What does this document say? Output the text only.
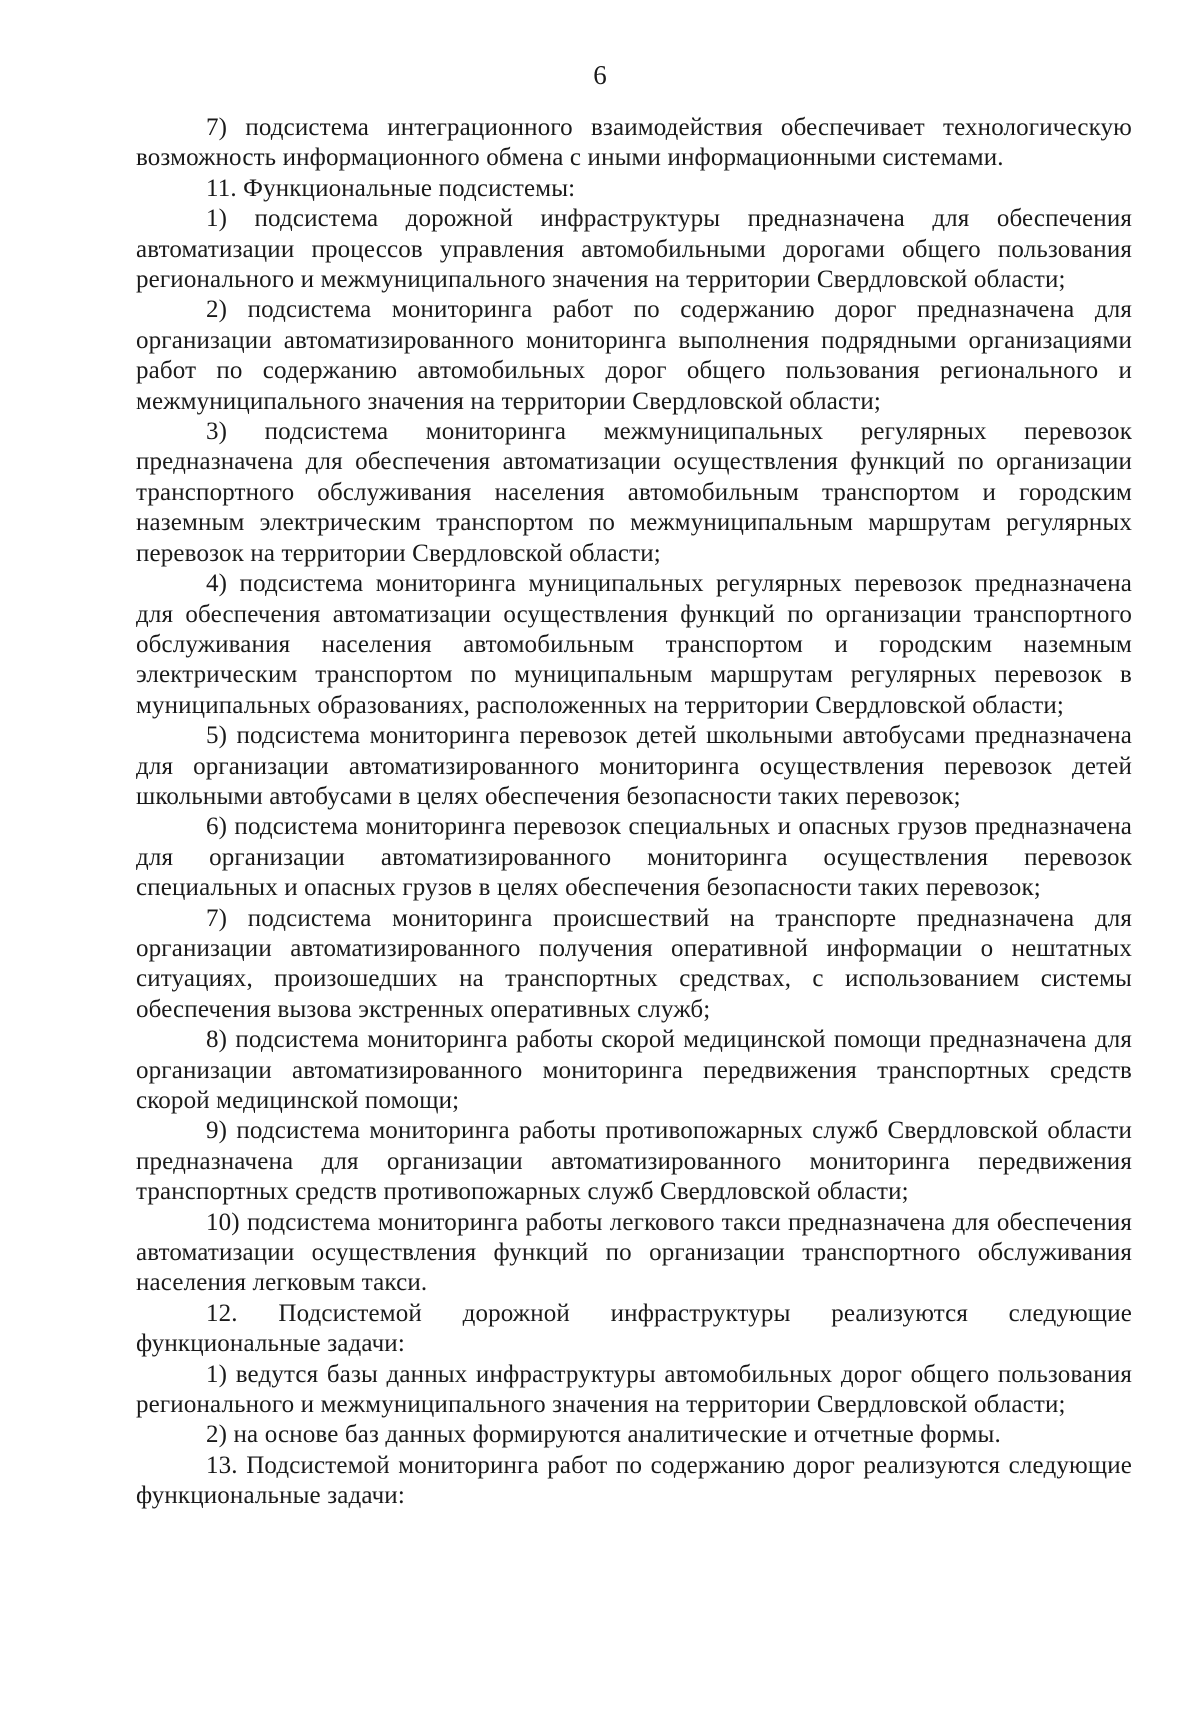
6

7) подсистема интеграционного взаимодействия обеспечивает технологическую возможность информационного обмена с иными информационными системами.

11. Функциональные подсистемы:

1) подсистема дорожной инфраструктуры предназначена для обеспечения автоматизации процессов управления автомобильными дорогами общего пользования регионального и межмуниципального значения на территории Свердловской области;

2) подсистема мониторинга работ по содержанию дорог предназначена для организации автоматизированного мониторинга выполнения подрядными организациями работ по содержанию автомобильных дорог общего пользования регионального и межмуниципального значения на территории Свердловской области;

3) подсистема мониторинга межмуниципальных регулярных перевозок предназначена для обеспечения автоматизации осуществления функций по организации транспортного обслуживания населения автомобильным транспортом и городским наземным электрическим транспортом по межмуниципальным маршрутам регулярных перевозок на территории Свердловской области;

4) подсистема мониторинга муниципальных регулярных перевозок предназначена для обеспечения автоматизации осуществления функций по организации транспортного обслуживания населения автомобильным транспортом и городским наземным электрическим транспортом по муниципальным маршрутам регулярных перевозок в муниципальных образованиях, расположенных на территории Свердловской области;

5) подсистема мониторинга перевозок детей школьными автобусами предназначена для организации автоматизированного мониторинга осуществления перевозок детей школьными автобусами в целях обеспечения безопасности таких перевозок;

6) подсистема мониторинга перевозок специальных и опасных грузов предназначена для организации автоматизированного мониторинга осуществления перевозок специальных и опасных грузов в целях обеспечения безопасности таких перевозок;

7) подсистема мониторинга происшествий на транспорте предназначена для организации автоматизированного получения оперативной информации о нештатных ситуациях, произошедших на транспортных средствах, с использованием системы обеспечения вызова экстренных оперативных служб;

8) подсистема мониторинга работы скорой медицинской помощи предназначена для организации автоматизированного мониторинга передвижения транспортных средств скорой медицинской помощи;

9) подсистема мониторинга работы противопожарных служб Свердловской области предназначена для организации автоматизированного мониторинга передвижения транспортных средств противопожарных служб Свердловской области;

10) подсистема мониторинга работы легкового такси предназначена для обеспечения автоматизации осуществления функций по организации транспортного обслуживания населения легковым такси.

12. Подсистемой дорожной инфраструктуры реализуются следующие функциональные задачи:

1) ведутся базы данных инфраструктуры автомобильных дорог общего пользования регионального и межмуниципального значения на территории Свердловской области;

2) на основе баз данных формируются аналитические и отчетные формы.

13. Подсистемой мониторинга работ по содержанию дорог реализуются следующие функциональные задачи:
